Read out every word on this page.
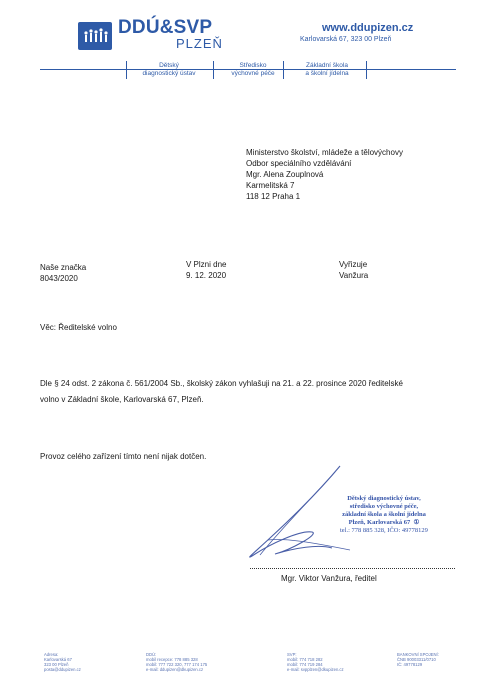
DDÚ&SVP
PLZEŇ
www.ddupizen.cz
Karlovarská 67, 323 00 Plzeň
Dětský
diagnostický ústav
Středisko
výchovné péče
Základní škola
a školní jídelna
Ministerstvo školství, mládeže a tělovýchovy
Odbor speciálního vzdělávání
Mgr. Alena Zouplnová
Karmelitská 7
118 12 Praha 1
Naše značka
8043/2020
V Plzni dne
9. 12. 2020
Vyřizuje
Vanžura
Věc: Ředitelské volno
Dle § 24 odst. 2 zákona č. 561/2004 Sb., školský zákon vyhlašuji na 21. a 22. prosince 2020 ředitelské
volno v Základní škole, Karlovarská 67, Plzeň.
Provoz celého zařízení tímto není nijak dotčen.
Dětský diagnostický ústav,
středisko výchovné péče,
základní škola a školní jídelna
Plzeň, Karlovarská 67 ①
tel.: 778 885 328, IČO: 49778129
Mgr. Viktor Vanžura, ředitel
Adresa:
Karlovarská 67
323 00 Plzeň
posta@ddupizen.cz
DDÚ:
mobil recepce: 778 885 328
mobil: 777 722 320, 777 174 175
e-mail: ddupizen@dkupizen.cz
SVP:
mobil: 774 718 282
mobil: 774 719 284
e-mail: svpplzen@dkupizen.cz
BANKOVNÍ SPOJENÍ:
ČNB 90003311/0710
IČ: 49778129
